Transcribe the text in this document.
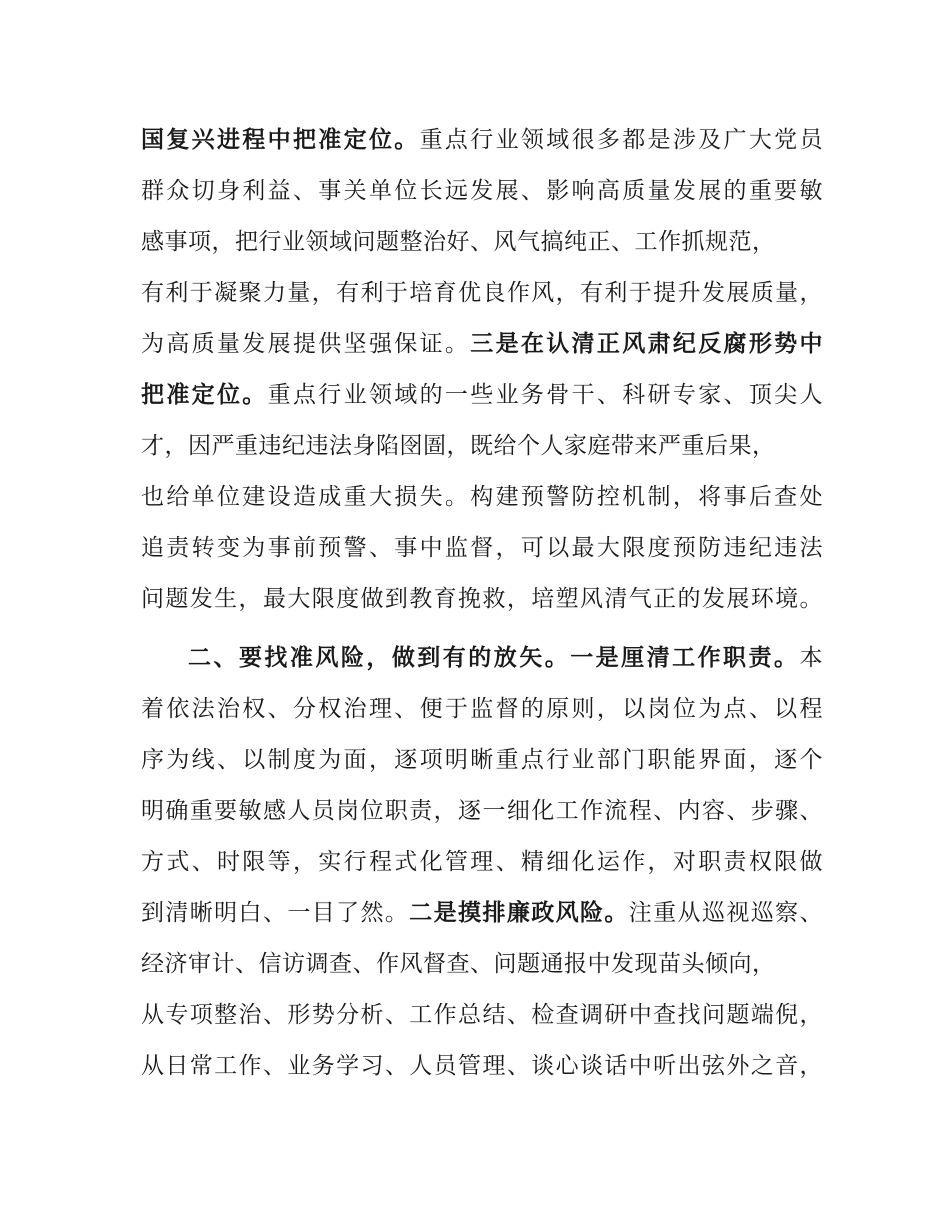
国复兴进程中把准定位。重点行业领域很多都是涉及广大党员
群众切身利益、事关单位长远发展、影响高质量发展的重要敏
感事项，把行业领域问题整治好、风气搞纯正、工作抓规范，
有利于凝聚力量，有利于培育优良作风，有利于提升发展质量，
为高质量发展提供坚强保证。三是在认清正风肃纪反腐形势中
把准定位。重点行业领域的一些业务骨干、科研专家、顶尖人
才，因严重违纪违法身陷囹圄，既给个人家庭带来严重后果，
也给单位建设造成重大损失。构建预警防控机制，将事后查处
追责转变为事前预警、事中监督，可以最大限度预防违纪违法
问题发生，最大限度做到教育挽救，培塑风清气正的发展环境。
二、要找准风险，做到有的放矢。一是厘清工作职责。本
着依法治权、分权治理、便于监督的原则，以岗位为点、以程
序为线、以制度为面，逐项明晰重点行业部门职能界面，逐个
明确重要敏感人员岗位职责，逐一细化工作流程、内容、步骤、
方式、时限等，实行程式化管理、精细化运作，对职责权限做
到清晰明白、一目了然。二是摸排廉政风险。注重从巡视巡察、
经济审计、信访调查、作风督查、问题通报中发现苗头倾向，
从专项整治、形势分析、工作总结、检查调研中查找问题端倪，
从日常工作、业务学习、人员管理、谈心谈话中听出弦外之音，
